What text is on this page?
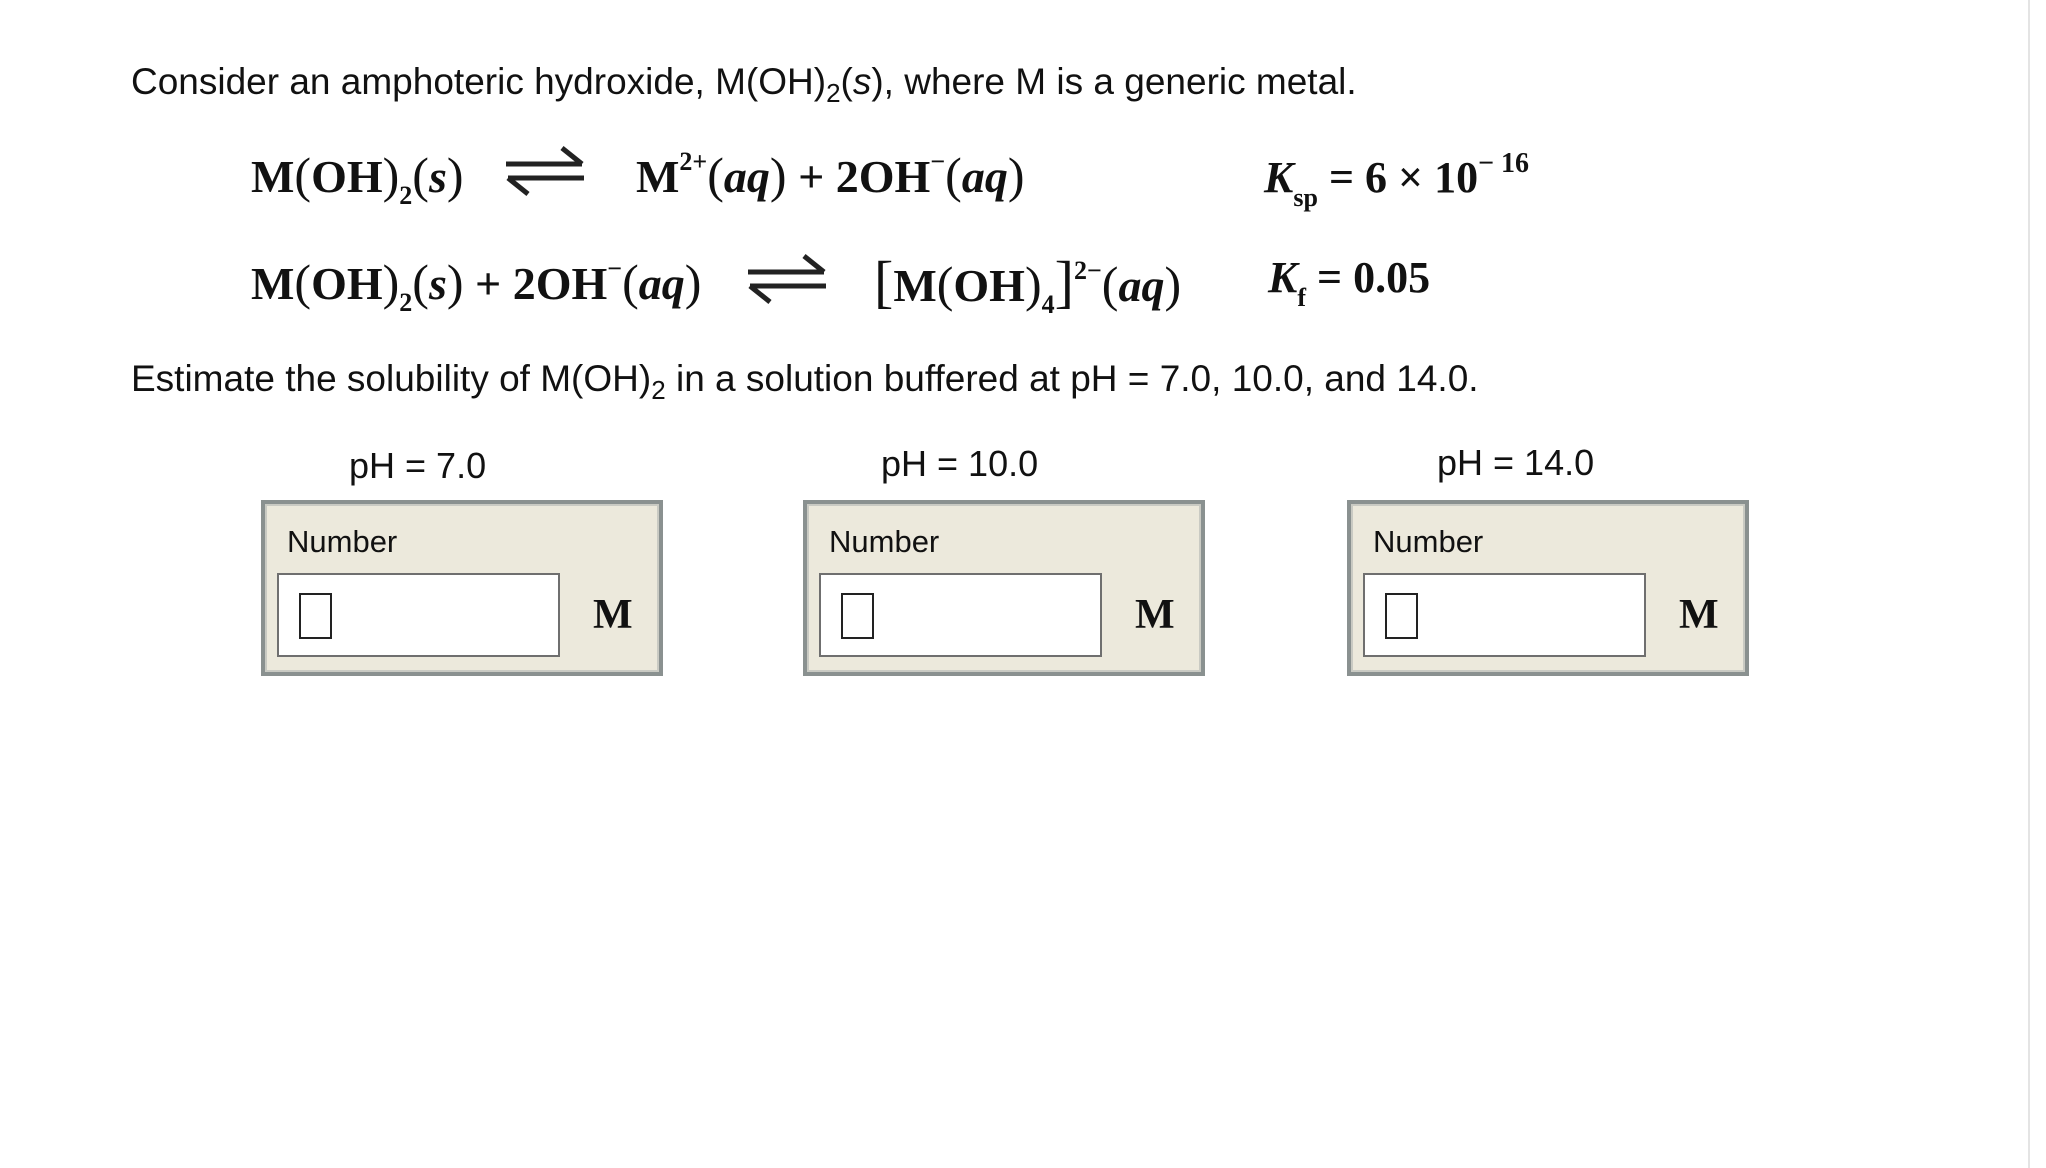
Consider an amphoteric hydroxide, $M(OH)_2(s)$, where M is a generic metal.
$M(OH)_2(s)$	$M^{2+}(aq) + 2OH^-(aq)$	$K_{sp} = 6 \times 10^{- 16}$
$M(OH)_2(s) + 2OH^-(aq)$	$[M(OH)_4]^{2-}(aq) K_f = 0.05$
Estimate the solubility of $M(OH)_2$ in a solution buffered at pH = 7.0, 10.0, and 14.0.
pH = 7.0
Number
M
pH = 10.0
Number
M
pH = 14.0
Number
M
